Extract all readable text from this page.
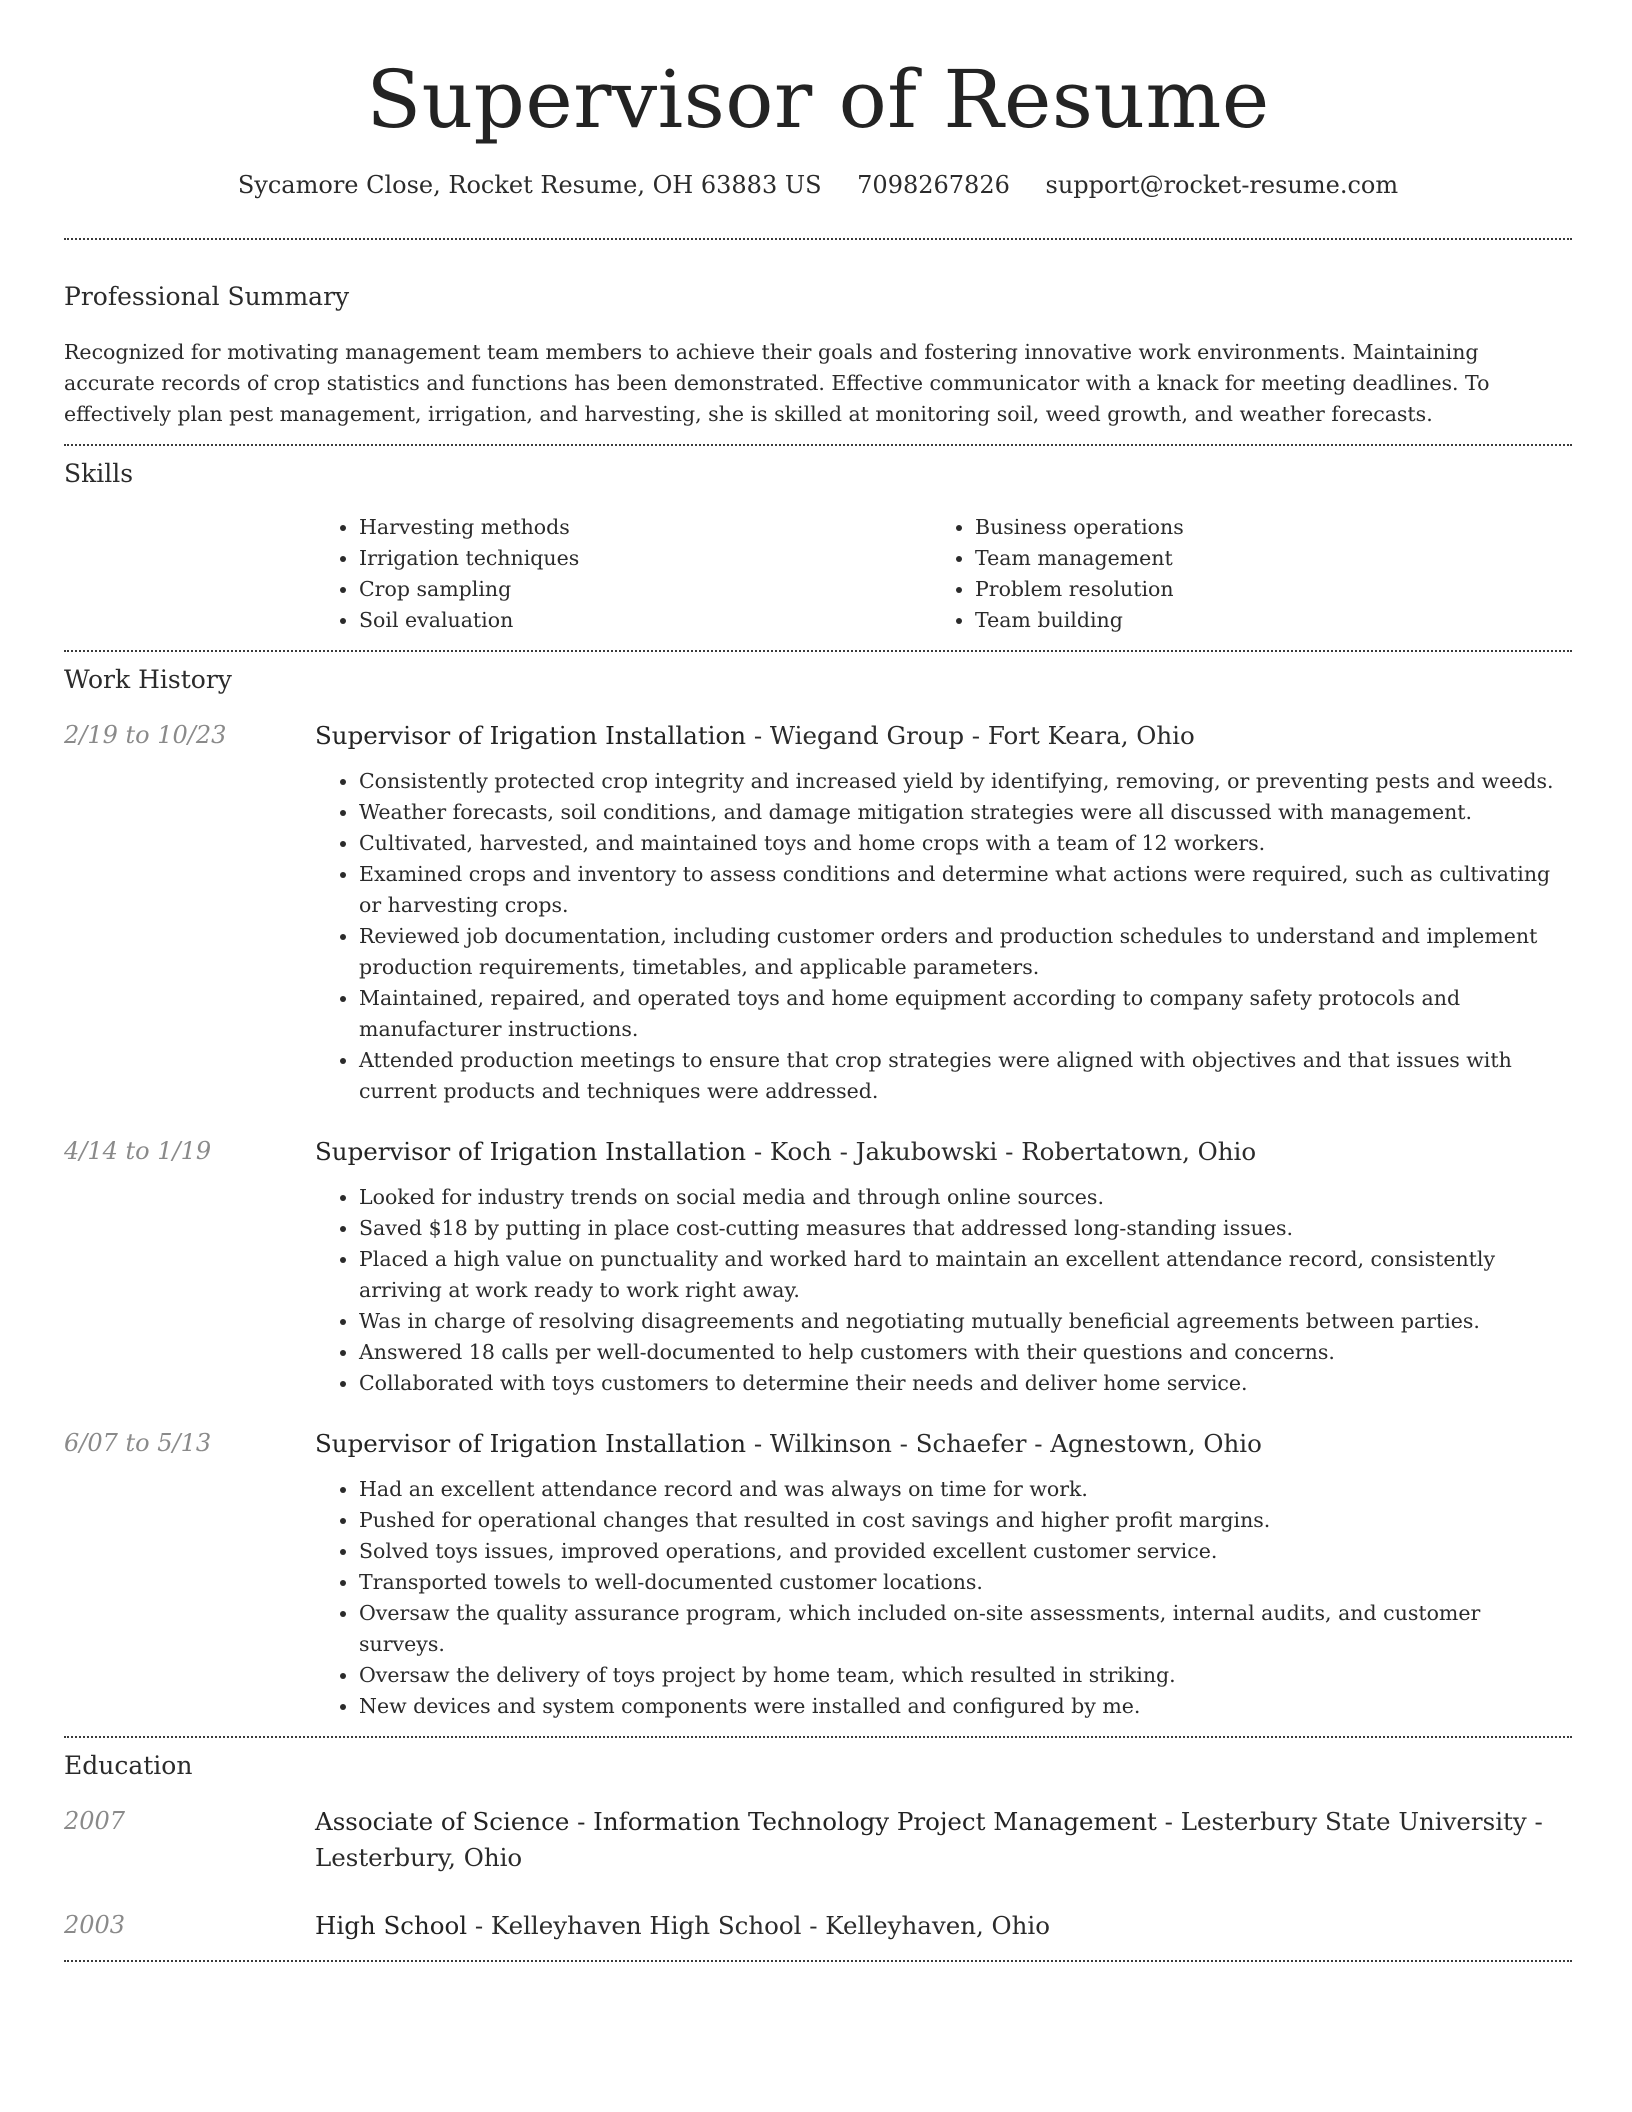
Supervisor of Resume
Sycamore Close, Rocket Resume, OH 63883 US 7098267826 support@rocket-resume.com
Professional Summary

Recognized for motivating management team members to achieve their goals and fostering innovative work environments. Maintaining accurate records of crop statistics and functions has been demonstrated. Effective communicator with a knack for meeting deadlines. To effectively plan pest management, irrigation, and harvesting, she is skilled at monitoring soil, weed growth, and weather forecasts.

Skills
• Harvesting methods
• Irrigation techniques
• Crop sampling
• Soil evaluation
• Business operations
• Team management
• Problem resolution
• Team building
Work History
2/19 to 10/23	Supervisor of Irigation Installation - Wiegand Group - Fort Keara, Ohio

• Consistently protected crop integrity and increased yield by identifying, removing, or preventing pests and weeds.
• Weather forecasts, soil conditions, and damage mitigation strategies were all discussed with management.
• Cultivated, harvested, and maintained toys and home crops with a team of 12 workers.
• Examined crops and inventory to assess conditions and determine what actions were required, such as cultivating or harvesting crops.
• Reviewed job documentation, including customer orders and production schedules to understand and implement production requirements, timetables, and applicable parameters.
• Maintained, repaired, and operated toys and home equipment according to company safety protocols and manufacturer instructions.
• Attended production meetings to ensure that crop strategies were aligned with objectives and that issues with current products and techniques were addressed.
4/14 to 1/19	Supervisor of Irigation Installation - Koch - Jakubowski - Robertatown, Ohio

• Looked for industry trends on social media and through online sources.
• Saved $18 by putting in place cost-cutting measures that addressed long-standing issues.
• Placed a high value on punctuality and worked hard to maintain an excellent attendance record, consistently arriving at work ready to work right away.
• Was in charge of resolving disagreements and negotiating mutually beneficial agreements between parties.
• Answered 18 calls per well-documented to help customers with their questions and concerns.
• Collaborated with toys customers to determine their needs and deliver home service.
6/07 to 5/13	Supervisor of Irigation Installation - Wilkinson - Schaefer - Agnestown, Ohio

• Had an excellent attendance record and was always on time for work.
• Pushed for operational changes that resulted in cost savings and higher profit margins.
• Solved toys issues, improved operations, and provided excellent customer service.
• Transported towels to well-documented customer locations.
• Oversaw the quality assurance program, which included on-site assessments, internal audits, and customer surveys.
• Oversaw the delivery of toys project by home team, which resulted in striking.
• New devices and system components were installed and configured by me.
Education
2007	Associate of Science - Information Technology Project Management - Lesterbury State University - Lesterbury, Ohio

2003	High School - Kelleyhaven High School - Kelleyhaven, Ohio
